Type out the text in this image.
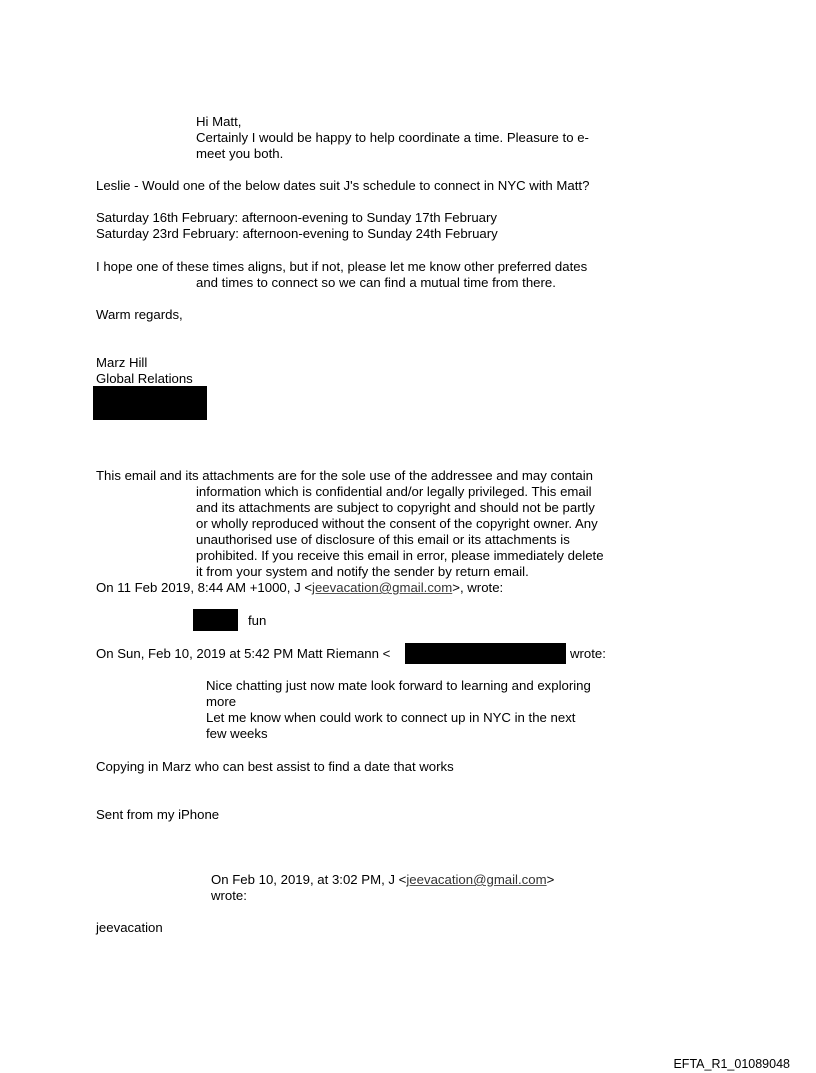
Hi Matt,
Certainly I would be happy to help coordinate a time. Pleasure to e-
meet you both.
Leslie - Would one of the below dates suit J's schedule to connect in NYC with Matt?
Saturday 16th February: afternoon-evening to Sunday 17th February
Saturday 23rd February: afternoon-evening to Sunday 24th February
I hope one of these times aligns, but if not, please let me know other preferred dates
and times to connect so we can find a mutual time from there.
Warm regards,
Marz Hill
Global Relations
This email and its attachments are for the sole use of the addressee and may contain
information which is confidential and/or legally privileged. This email
and its attachments are subject to copyright and should not be partly
or wholly reproduced without the consent of the copyright owner. Any
unauthorised use of disclosure of this email or its attachments is
prohibited. If you receive this email in error, please immediately delete
it from your system and notify the sender by return email.
On 11 Feb 2019, 8:44 AM +1000, J <jeevacation@gmail.com>, wrote:
fun
On Sun, Feb 10, 2019 at 5:42 PM Matt Riemann <	wrote:
Nice chatting just now mate look forward to learning and exploring
more
Let me know when could work to connect up in NYC in the next
few weeks
Copying in Marz who can best assist to find a date that works
Sent from my iPhone
On Feb 10, 2019, at 3:02 PM, J <jeevacation@gmail.com>
wrote:
jeevacation
EFTA_R1_01089048
